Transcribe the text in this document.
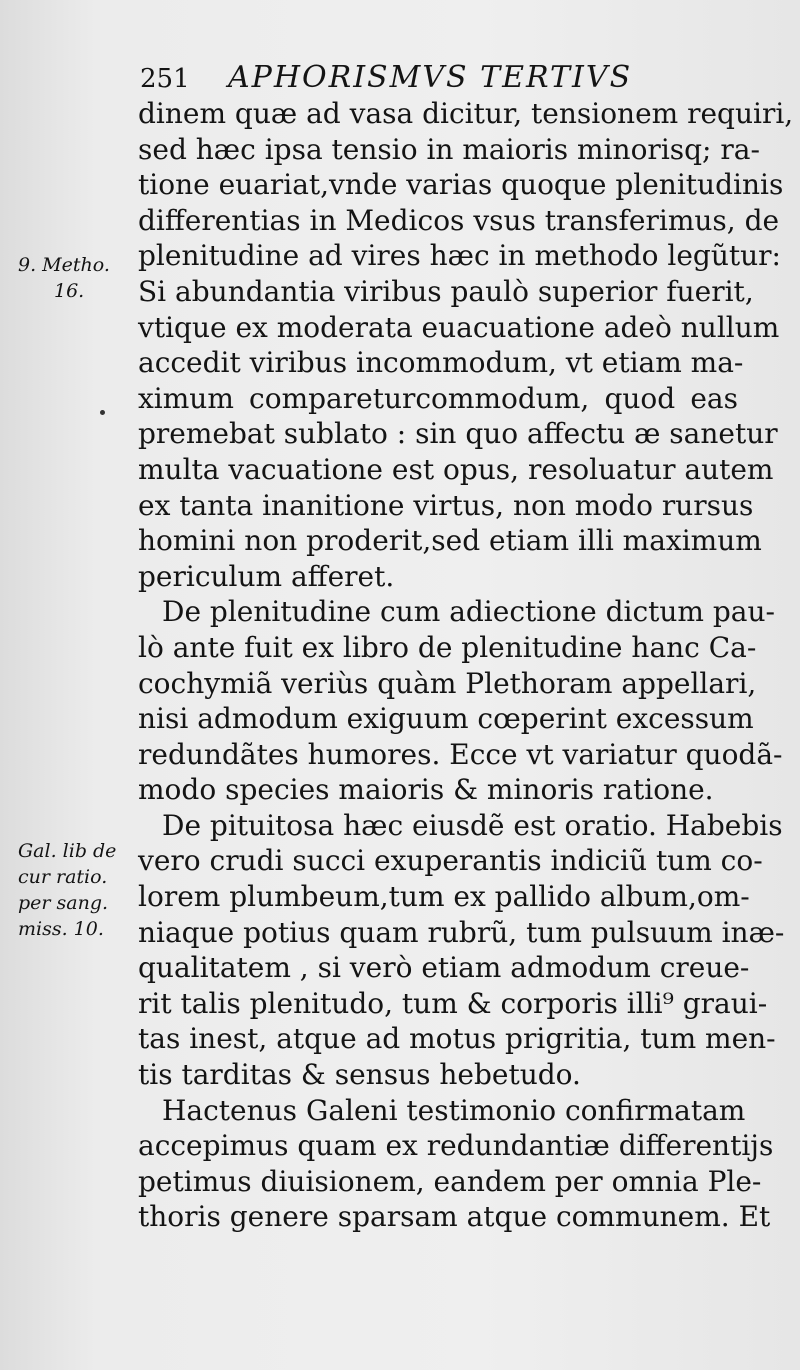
251 APHORISMVS TERTIVS
9. Metho.
16.
Gal. lib de
cur ratio.
per sang.
miss. 10.
dinem quæ ad vasa dicitur, tensionem requiri,
sed hæc ipsa tensio in maioris minorisq; ra-
tione euariat,vnde varias quoque plenitudinis
differentias in Medicos vsus transferimus, de
plenitudine ad vires hæc in methodo legũtur:
Si abundantia viribus paulò superior fuerit,
vtique ex moderata euacuatione adeò nullum
accedit viribus incommodum, vt etiam ma-
ximum compareturcommodum, quod eas
premebat sublato : sin quo affectu æ sanetur
multa vacuatione est opus, resoluatur autem
ex tanta inanitione virtus, non modo rursus
homini non proderit,sed etiam illi maximum
periculum afferet.
De plenitudine cum adiectione dictum pau-
lò ante fuit ex libro de plenitudine hanc Ca-
cochymiã veriùs quàm Plethoram appellari,
nisi admodum exiguum cœperint excessum
redundãtes humores. Ecce vt variatur quodã-
modo species maioris & minoris ratione.
De pituitosa hæc eiusdẽ est oratio. Habebis
vero crudi succi exuperantis indiciũ tum co-
lorem plumbeum,tum ex pallido album,om-
niaque potius quam rubrũ, tum pulsuum inæ-
qualitatem , si verò etiam admodum creue-
rit talis plenitudo, tum & corporis illi⁹ graui-
tas inest, atque ad motus prigritia, tum men-
tis tarditas & sensus hebetudo.
Hactenus Galeni testimonio confirmatam
accepimus quam ex redundantiæ differentijs
petimus diuisionem, eandem per omnia Ple-
thoris genere sparsam atque communem. Et
